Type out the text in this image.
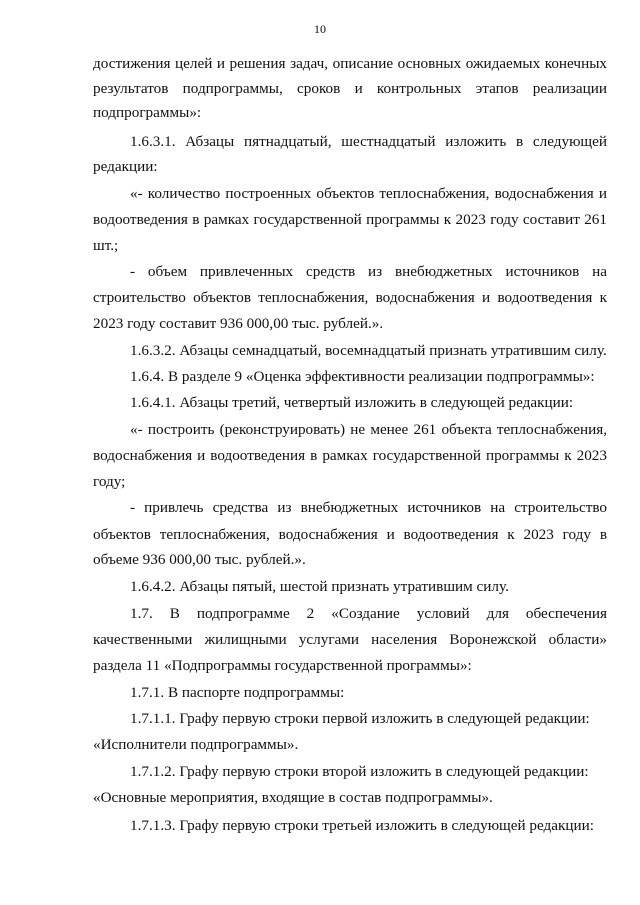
10
достижения целей и решения задач, описание основных ожидаемых конечных
результатов подпрограммы, сроков и контрольных этапов реализации
подпрограммы»:
1.6.3.1. Абзацы пятнадцатый, шестнадцатый изложить в следующей
редакции:
«- количество построенных объектов теплоснабжения, водоснабжения и
водоотведения в рамках государственной программы к 2023 году составит 261
шт.;
- объем привлеченных средств из внебюджетных источников на
строительство объектов теплоснабжения, водоснабжения и водоотведения к
2023 году составит 936 000,00 тыс. рублей.».
1.6.3.2. Абзацы семнадцатый, восемнадцатый признать утратившим силу.
1.6.4. В разделе 9 «Оценка эффективности реализации подпрограммы»:
1.6.4.1. Абзацы третий, четвертый изложить в следующей редакции:
«- построить (реконструировать) не менее 261 объекта теплоснабжения,
водоснабжения и водоотведения в рамках государственной программы к 2023
году;
- привлечь средства из внебюджетных источников на строительство
объектов теплоснабжения, водоснабжения и водоотведения к 2023 году в
объеме 936 000,00 тыс. рублей.».
1.6.4.2. Абзацы пятый, шестой признать утратившим силу.
1.7. В подпрограмме 2 «Создание условий для обеспечения
качественными жилищными услугами населения Воронежской области»
раздела 11 «Подпрограммы государственной программы»:
1.7.1. В паспорте подпрограммы:
1.7.1.1. Графу первую строки первой изложить в следующей редакции:
«Исполнители подпрограммы».
1.7.1.2. Графу первую строки второй изложить в следующей редакции:
«Основные мероприятия, входящие в состав подпрограммы».
1.7.1.3. Графу первую строки третьей изложить в следующей редакции:
